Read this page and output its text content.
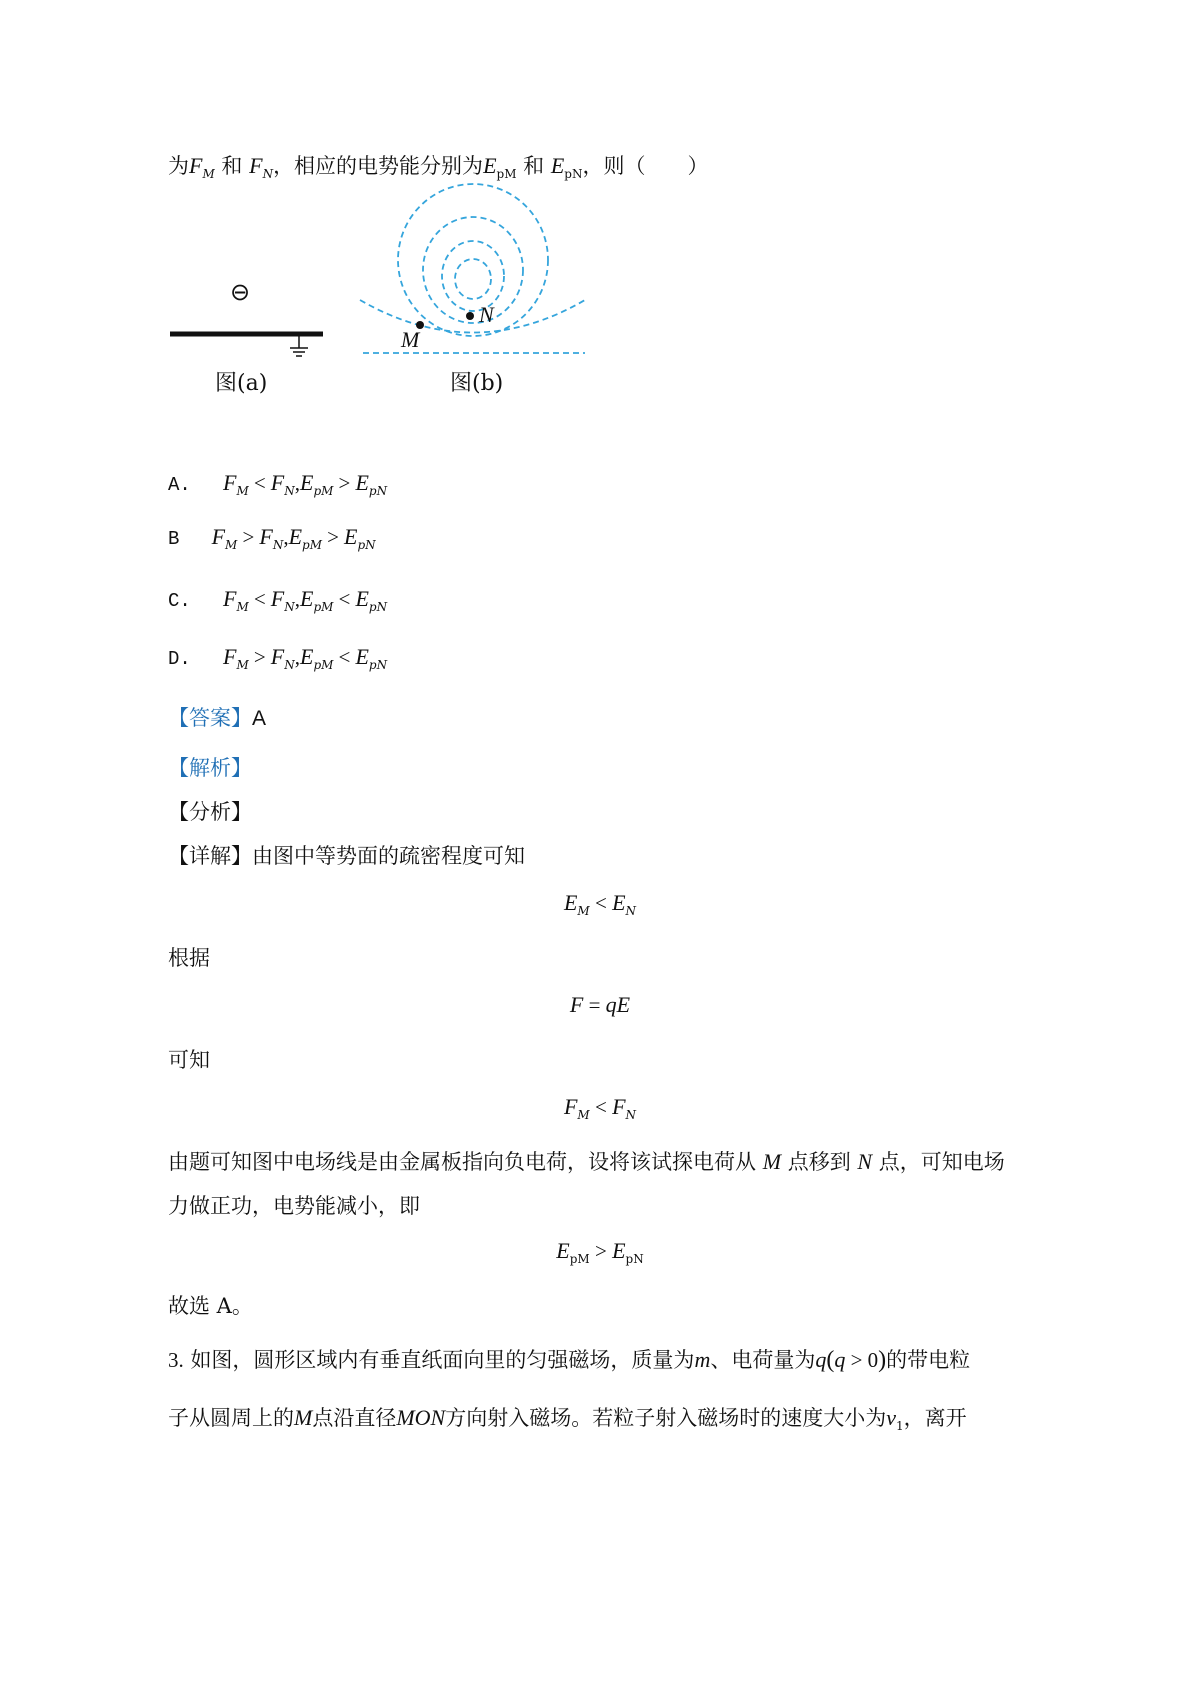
为$F_M$ 和 $F_N$，相应的电势能分别为$E_{pM}$ 和 $E_{pN}$，则（　　）
⊖
图(a)
M
N
图(b)
A. $F_M < F_N,E_{pM} > E_{pN}$
B $F_M > F_N,E_{pM} > E_{pN}$
C. $F_M < F_N,E_{pM} < E_{pN}$
D. $F_M > F_N,E_{pM} < E_{pN}$
【答案】A
【解析】
【分析】
【详解】由图中等势面的疏密程度可知
$E_M < E_N$
根据
F = qE
可知
$F_M < F_N$
由题可知图中电场线是由金属板指向负电荷，设将该试探电荷从 M 点移到 N 点，可知电场
力做正功，电势能减小，即
$E_{pM} > E_{pN}$
故选 A。
3. 如图，圆形区域内有垂直纸面向里的匀强磁场，质量为m、电荷量为q(q > 0)的带电粒
子从圆周上的M点沿直径MON方向射入磁场。若粒子射入磁场时的速度大小为$v_1$，离开
